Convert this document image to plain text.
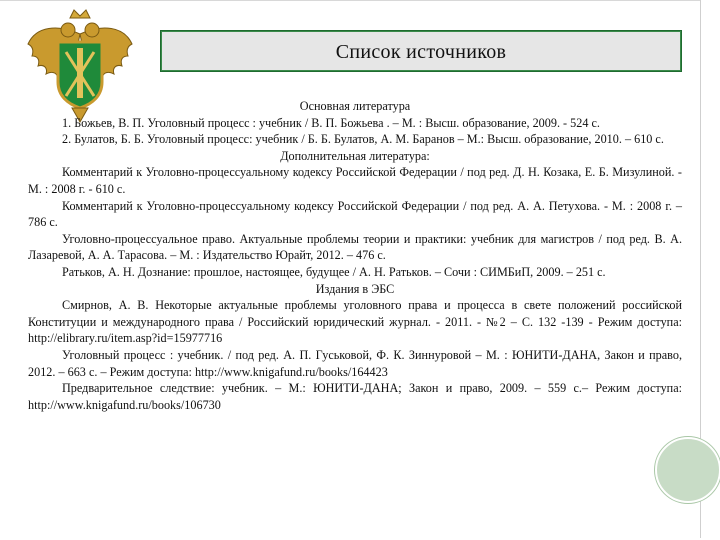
Список источников

Основная литература

1. Божьев, В. П. Уголовный процесс : учебник / В. П. Божьева . – М. : Высш. образование, 2009. - 524 с.

2. Булатов, Б. Б. Уголовный процесс: учебник / Б. Б. Булатов, А. М. Баранов – М.: Высш. образование, 2010. – 610 с.

Дополнительная литература:

Комментарий к Уголовно-процессуальному кодексу Российской Федерации / под ред. Д. Н. Козака, Е. Б. Мизулиной. - М. : 2008 г. - 610 с.

Комментарий к Уголовно-процессуальному кодексу Российской Федерации / под ред. А. А. Петухова. - М. : 2008 г. – 786 с.

Уголовно-процессуальное право. Актуальные проблемы теории и практики: учебник для магистров / под ред. В. А. Лазаревой, А. А. Тарасова. – М. : Издательство Юрайт, 2012. – 476 с.

Ратьков, А. Н. Дознание: прошлое, настоящее, будущее / А. Н. Ратьков. – Сочи : СИМБиП, 2009. – 251 с.

Издания в ЭБС

Смирнов, А. В. Некоторые актуальные проблемы уголовного права и процесса в свете положений российской Конституции и международного права / Российский юридический журнал. - 2011. - №2 – С. 132 -139 - Режим доступа: http://elibrary.ru/item.asp?id=15977716

Уголовный процесс : учебник. / под ред. А. П. Гуськовой, Ф. К. Зиннуровой – М. : ЮНИТИ-ДАНА, Закон и право, 2012. – 663 с. – Режим доступа: http://www.knigafund.ru/books/164423

Предварительное следствие: учебник. – М.: ЮНИТИ-ДАНА; Закон и право, 2009. – 559 с.– Режим доступа: http://www.knigafund.ru/books/106730
